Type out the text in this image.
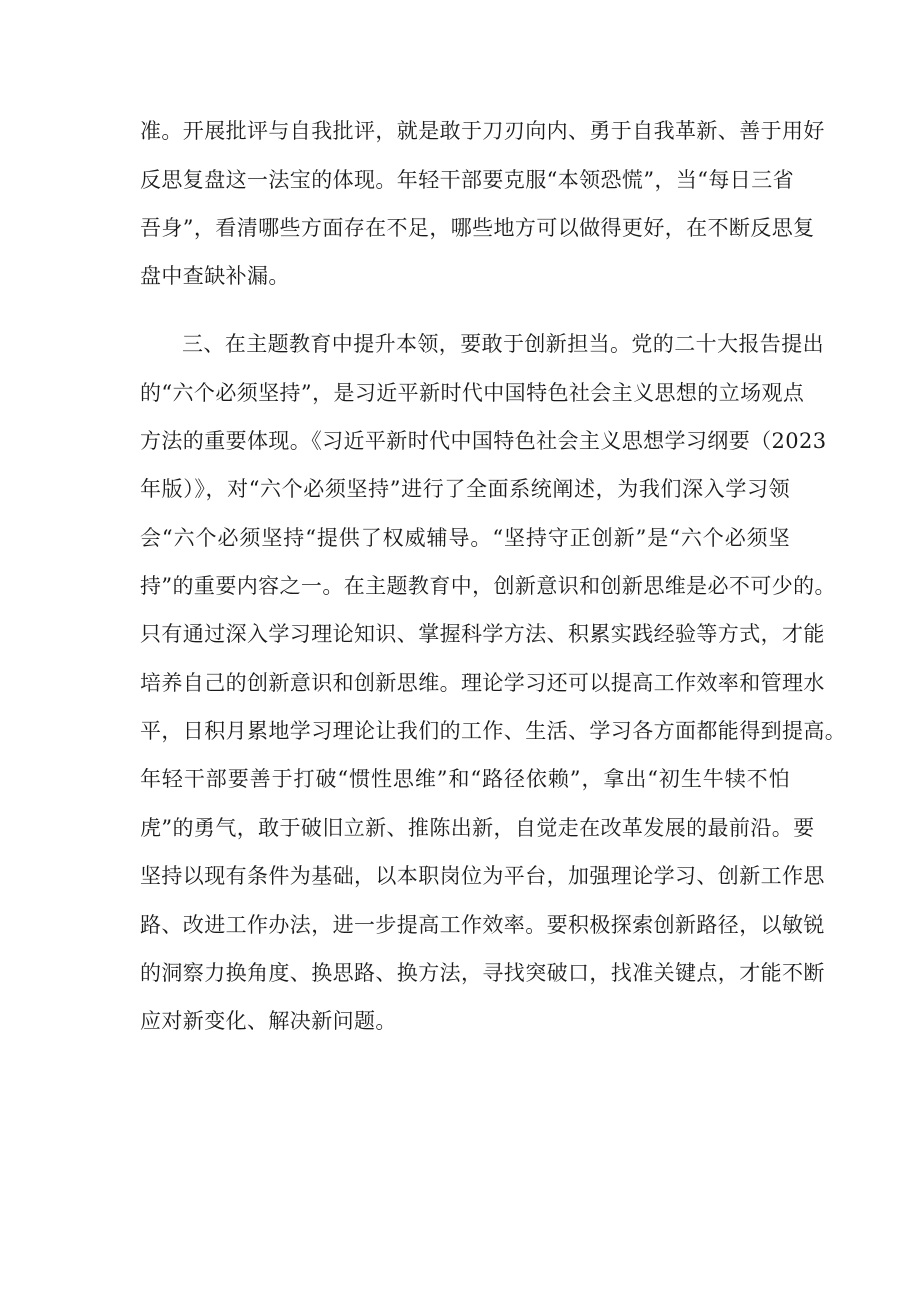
准。开展批评与自我批评，就是敢于刀刃向内、勇于自我革新、善于用好
反思复盘这一法宝的体现。年轻干部要克服“本领恐慌”，当“每日三省
吾身”，看清哪些方面存在不足，哪些地方可以做得更好，在不断反思复
盘中查缺补漏。
三、在主题教育中提升本领，要敢于创新担当。党的二十大报告提出
的“六个必须坚持”，是习近平新时代中国特色社会主义思想的立场观点
方法的重要体现。《习近平新时代中国特色社会主义思想学习纲要（2023
年版）》，对“六个必须坚持”进行了全面系统阐述，为我们深入学习领
会“六个必须坚持“提供了权威辅导。“坚持守正创新”是“六个必须坚
持”的重要内容之一。在主题教育中，创新意识和创新思维是必不可少的。
只有通过深入学习理论知识、掌握科学方法、积累实践经验等方式，才能
培养自己的创新意识和创新思维。理论学习还可以提高工作效率和管理水
平，日积月累地学习理论让我们的工作、生活、学习各方面都能得到提高。
年轻干部要善于打破“惯性思维”和“路径依赖”，拿出“初生牛犊不怕
虎”的勇气，敢于破旧立新、推陈出新，自觉走在改革发展的最前沿。要
坚持以现有条件为基础，以本职岗位为平台，加强理论学习、创新工作思
路、改进工作办法，进一步提高工作效率。要积极探索创新路径，以敏锐
的洞察力换角度、换思路、换方法，寻找突破口，找准关键点，才能不断
应对新变化、解决新问题。
